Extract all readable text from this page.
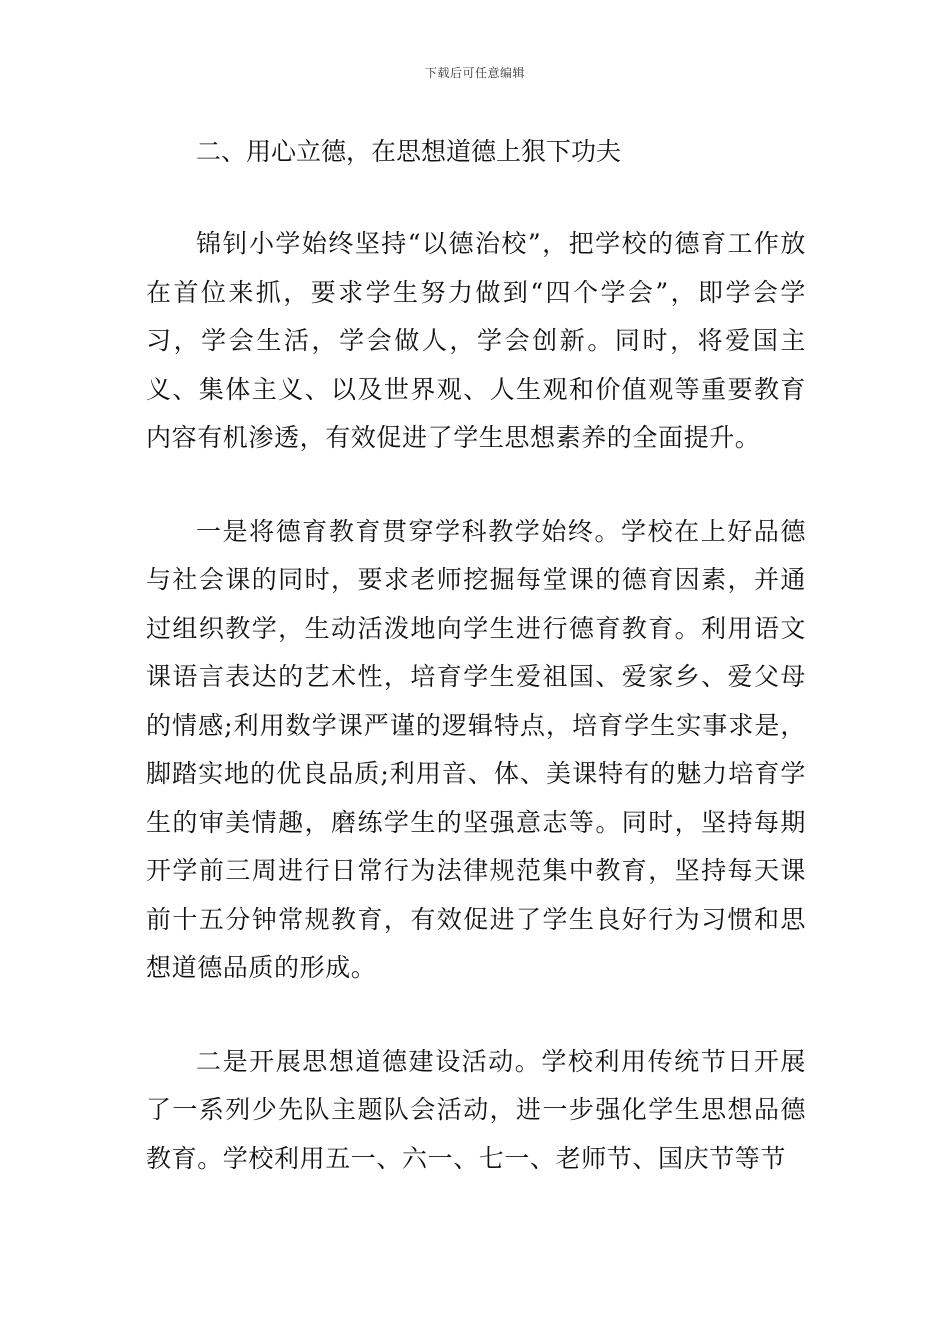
下载后可任意编辑

二、用心立德，在思想道德上狠下功夫

锦钊小学始终坚持“以德治校”，把学校的德育工作放在首位来抓，要求学生努力做到“四个学会”，即学会学习，学会生活，学会做人，学会创新。同时，将爱国主义、集体主义、以及世界观、人生观和价值观等重要教育内容有机渗透，有效促进了学生思想素养的全面提升。

一是将德育教育贯穿学科教学始终。学校在上好品德与社会课的同时，要求老师挖掘每堂课的德育因素，并通过组织教学，生动活泼地向学生进行德育教育。利用语文课语言表达的艺术性，培育学生爱祖国、爱家乡、爱父母的情感;利用数学课严谨的逻辑特点，培育学生实事求是，脚踏实地的优良品质;利用音、体、美课特有的魅力培育学生的审美情趣，磨练学生的坚强意志等。同时，坚持每期开学前三周进行日常行为法律规范集中教育，坚持每天课前十五分钟常规教育，有效促进了学生良好行为习惯和思想道德品质的形成。

二是开展思想道德建设活动。学校利用传统节日开展了一系列少先队主题队会活动，进一步强化学生思想品德教育。学校利用五一、六一、七一、老师节、国庆节等节
